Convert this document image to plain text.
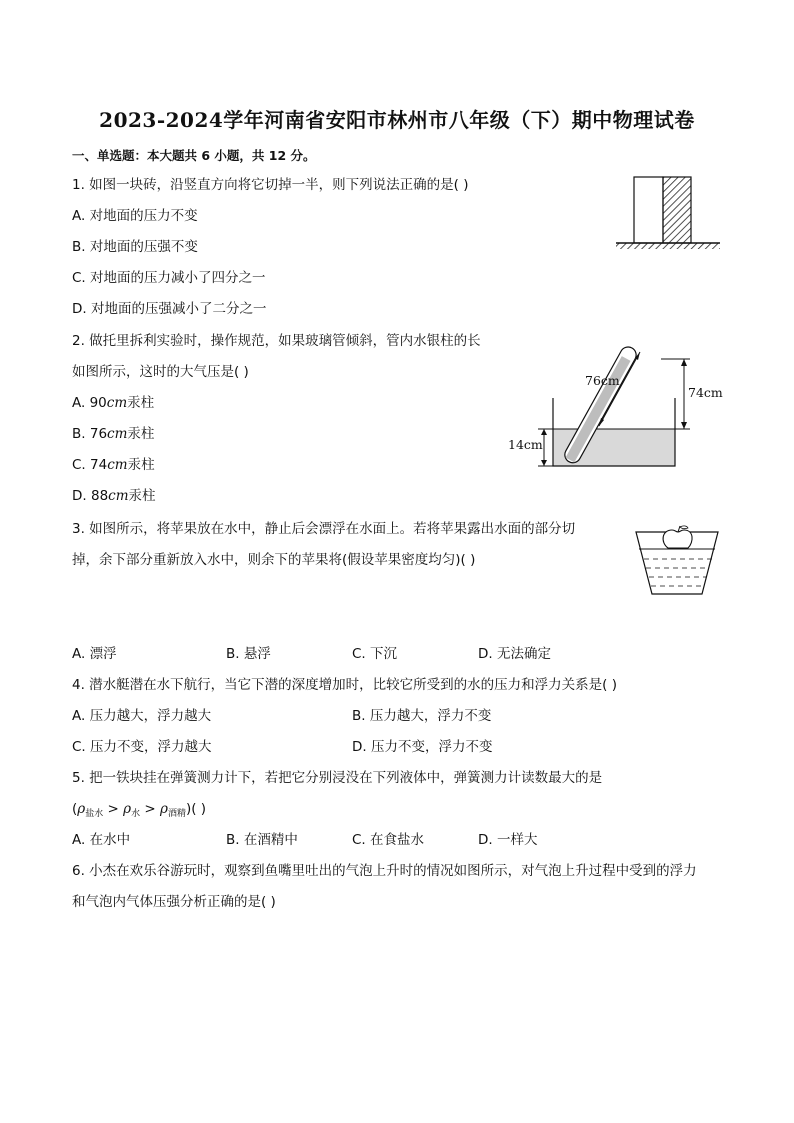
2023-2024学年河南省安阳市林州市八年级（下）期中物理试卷
一、单选题：本大题共 6 小题，共 12 分。
1. 如图一块砖，沿竖直方向将它切掉一半，则下列说法正确的是( )
A. 对地面的压力不变
B. 对地面的压强不变
C. 对地面的压力减小了四分之一
D. 对地面的压强减小了二分之一
2. 做托里拆利实验时，操作规范，如果玻璃管倾斜，管内水银柱的长
如图所示，这时的大气压是( )
A. 90cm汞柱
B. 76cm汞柱
C. 74cm汞柱
D. 88cm汞柱
76cm
74cm
14cm
3. 如图所示，将苹果放在水中，静止后会漂浮在水面上。若将苹果露出水面的部分切
掉，余下部分重新放入水中，则余下的苹果将(假设苹果密度均匀)( )
A. 漂浮	B. 悬浮	C. 下沉	D. 无法确定
4. 潜水艇潜在水下航行，当它下潜的深度增加时，比较它所受到的水的压力和浮力关系是( )
A. 压力越大，浮力越大	B. 压力越大，浮力不变
C. 压力不变，浮力越大	D. 压力不变，浮力不变
5. 把一铁块挂在弹簧测力计下，若把它分别浸没在下列液体中，弹簧测力计读数最大的是
$(\rho_{盐水} > \rho_水 > \rho_{酒精})$( )
A. 在水中	B. 在酒精中	C. 在食盐水	D. 一样大
6. 小杰在欢乐谷游玩时，观察到鱼嘴里吐出的气泡上升时的情况如图所示，对气泡上升过程中受到的浮力
和气泡内气体压强分析正确的是( )
